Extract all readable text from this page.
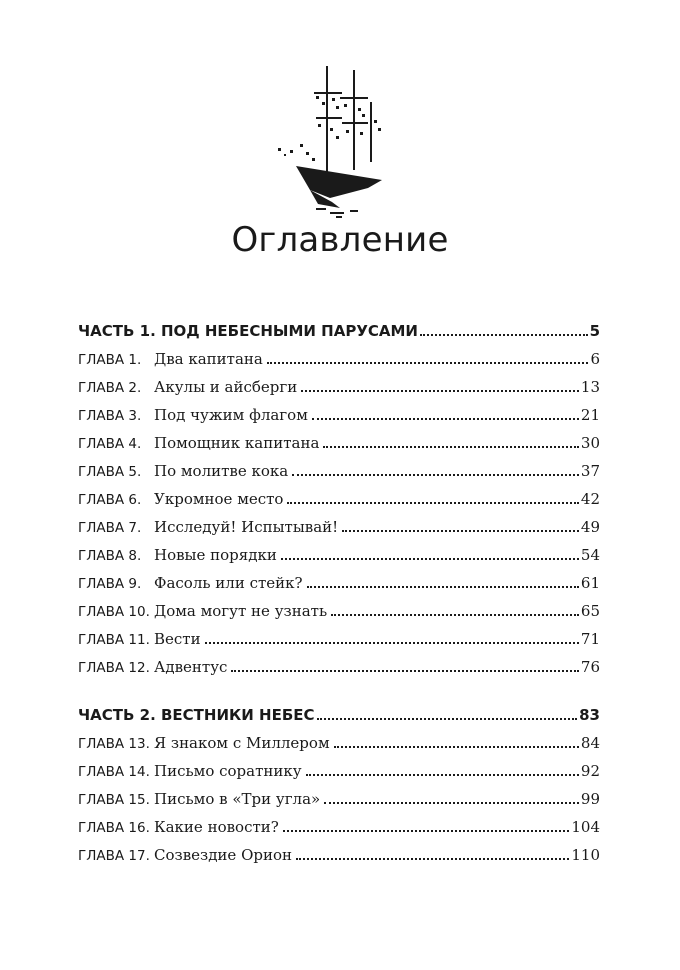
Оглавление
ЧАСТЬ 1. ПОД НЕБЕСНЫМИ ПАРУСАМИ	5
ГЛАВА 1. Два капитана	6
ГЛАВА 2. Акулы и айсберги	13
ГЛАВА 3. Под чужим флагом	21
ГЛАВА 4. Помощник капитана	30
ГЛАВА 5. По молитве кока	37
ГЛАВА 6. Укромное место	42
ГЛАВА 7. Исследуй! Испытывай!	49
ГЛАВА 8. Новые порядки	54
ГЛАВА 9. Фасоль или стейк?	61
ГЛАВА 10. Дома могут не узнать	65
ГЛАВА 11. Вести	71
ГЛАВА 12. Адвентус	76
ЧАСТЬ 2. ВЕСТНИКИ НЕБЕС	83
ГЛАВА 13. Я знаком с Миллером	84
ГЛАВА 14. Письмо соратнику	92
ГЛАВА 15. Письмо в «Три угла»	99
ГЛАВА 16. Какие новости?	104
ГЛАВА 17. Созвездие Орион	110
